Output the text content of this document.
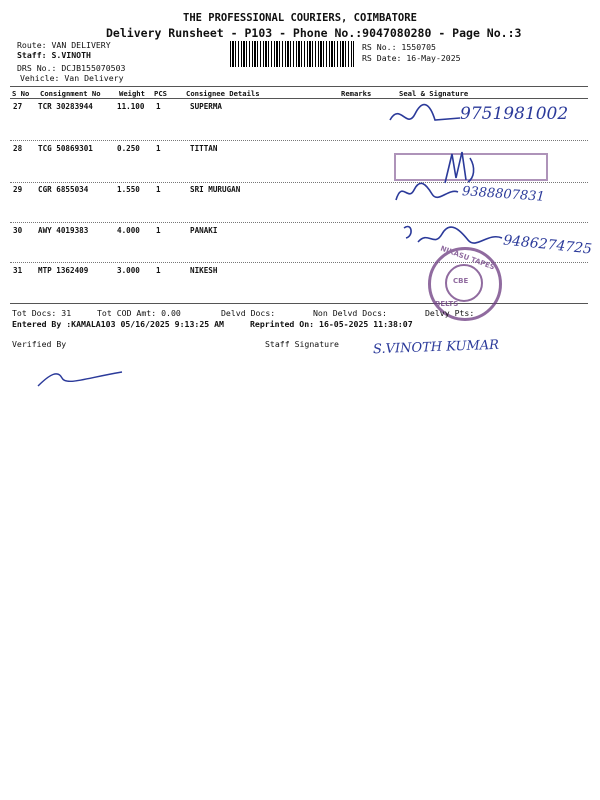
THE PROFESSIONAL COURIERS, COIMBATORE
Delivery Runsheet - P103 - Phone No.:9047080280 - Page No.:3
Route: VAN DELIVERY
Staff: S.VINOTH
DRS No.: DCJB155070503
Vehicle: Van Delivery
RS No.: 1550705
RS Date: 16-May-2025
S No Consignment No	Weight PCS	Consignee Details	Remarks	Seal & Signature
27 TCR 30283944	11.100 1	SUPERMA
28 TCG 50869301	0.250 1	TITTAN
29 CGR 6855034	1.550 1	SRI MURUGAN
30 AWY 4019383	4.000 1	PANAKI
31 MTP 1362409	3.000 1	NIKESH
9751981002
9388807831
9486274725
NIKASU TAPES
CBE
BELTS
Tot Docs: 31	Tot COD Amt: 0.00	Delvd Docs:	Non Delvd Docs:	Delvy Pts:
Entered By :KAMALA103 05/16/2025 9:13:25 AM	Reprinted On: 16-05-2025 11:38:07
Verified By	Staff Signature	S.VINOTH KUMAR
